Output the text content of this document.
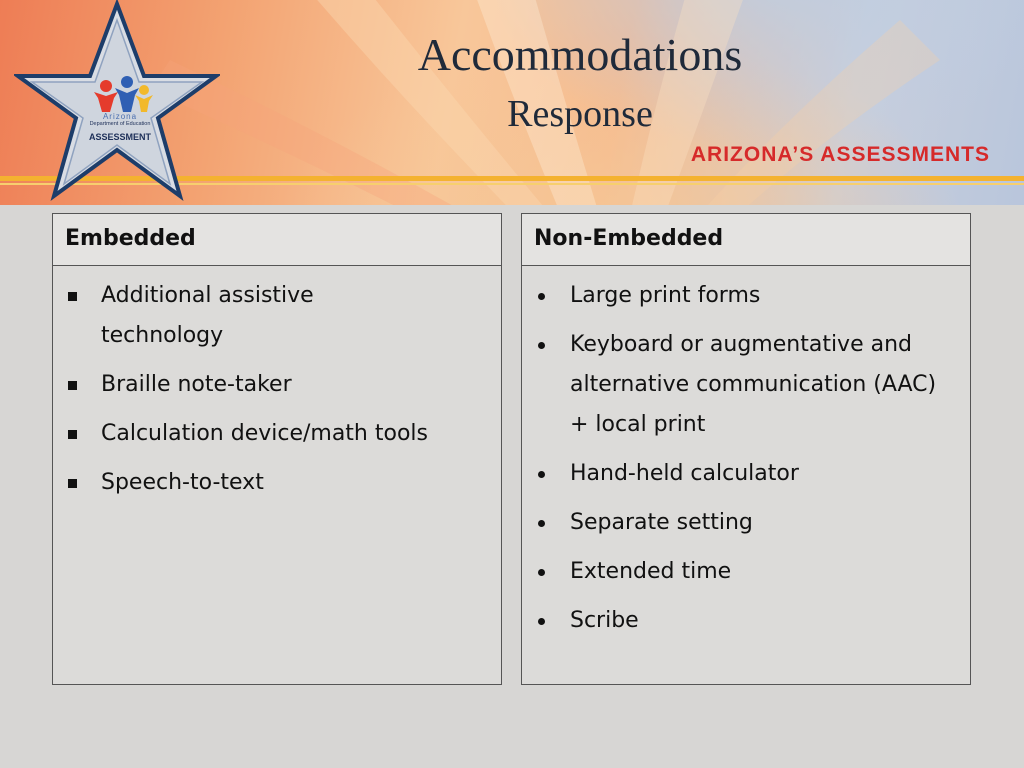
Accommodations
Response
ARIZONA’S ASSESSMENTS
Arizona
Department of Education
ASSESSMENT
Embedded
Additional assistive technology
Braille note-taker
Calculation device/math tools
Speech-to-text
Non-Embedded
Large print forms
Keyboard or augmentative and alternative communication (AAC) + local print
Hand-held calculator
Separate setting
Extended time
Scribe
